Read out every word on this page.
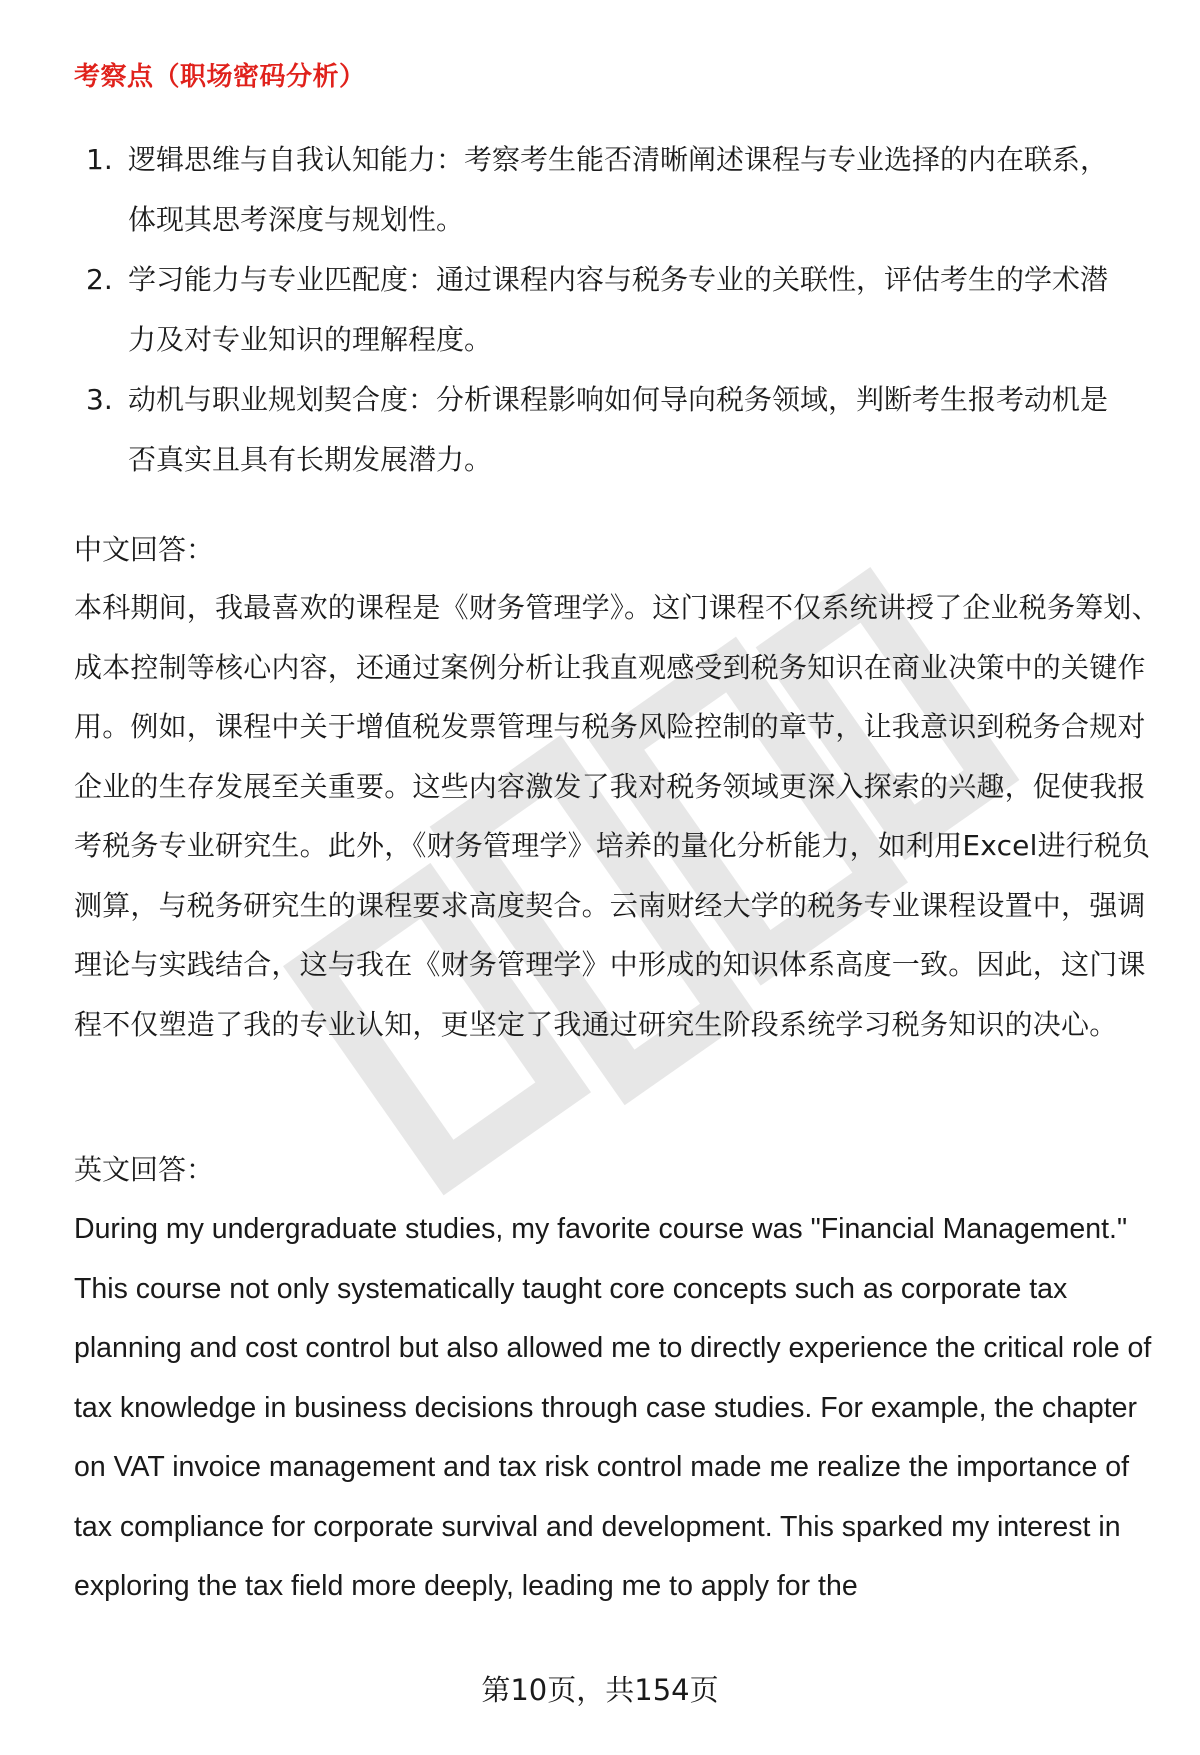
考察点（职场密码分析）
1. 逻辑思维与自我认知能力：考察考生能否清晰阐述课程与专业选择的内在联系，体现其思考深度与规划性。
2. 学习能力与专业匹配度：通过课程内容与税务专业的关联性，评估考生的学术潜力及对专业知识的理解程度。
3. 动机与职业规划契合度：分析课程影响如何导向税务领域，判断考生报考动机是否真实且具有长期发展潜力。
中文回答：

本科期间，我最喜欢的课程是《财务管理学》。这门课程不仅系统讲授了企业税务筹划、成本控制等核心内容，还通过案例分析让我直观感受到税务知识在商业决策中的关键作用。例如，课程中关于增值税发票管理与税务风险控制的章节，让我意识到税务合规对企业的生存发展至关重要。这些内容激发了我对税务领域更深入探索的兴趣，促使我报考税务专业研究生。此外，《财务管理学》培养的量化分析能力，如利用Excel进行税负测算，与税务研究生的课程要求高度契合。云南财经大学的税务专业课程设置中，强调理论与实践结合，这与我在《财务管理学》中形成的知识体系高度一致。因此，这门课程不仅塑造了我的专业认知，更坚定了我通过研究生阶段系统学习税务知识的决心。

英文回答：

During my undergraduate studies, my favorite course was "Financial Management." This course not only systematically taught core concepts such as corporate tax planning and cost control but also allowed me to directly experience the critical role of tax knowledge in business decisions through case studies. For example, the chapter on VAT invoice management and tax risk control made me realize the importance of tax compliance for corporate survival and development. This sparked my interest in exploring the tax field more deeply, leading me to apply for the

第10页，共154页
